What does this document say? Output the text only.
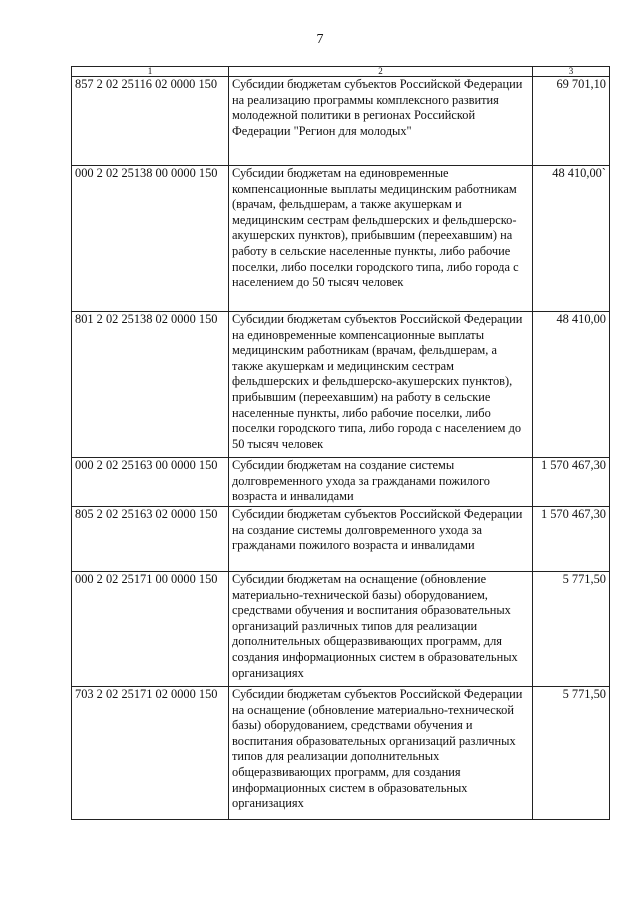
7
1	2	3
857 2 02 25116 02 0000 150	Субсидии бюджетам субъектов Российской Федерации на реализацию программы комплексного развития молодежной политики в регионах Российской Федерации "Регион для молодых"	69 701,10
000 2 02 25138 00 0000 150	Субсидии бюджетам на единовременные компенсационные выплаты медицинским работникам (врачам, фельдшерам, а также акушеркам и медицинским сестрам фельдшерских и фельдшерско-акушерских пунктов), прибывшим (переехавшим) на работу в сельские населенные пункты, либо рабочие поселки, либо поселки городского типа, либо города с населением до 50 тысяч человек	48 410,00`
801 2 02 25138 02 0000 150	Субсидии бюджетам субъектов Российской Федерации на единовременные компенсационные выплаты медицинским работникам (врачам, фельдшерам, а также акушеркам и медицинским сестрам фельдшерских и фельдшерско-акушерских пунктов), прибывшим (переехавшим) на работу в сельские населенные пункты, либо рабочие поселки, либо поселки городского типа, либо города с населением до 50 тысяч человек	48 410,00
000 2 02 25163 00 0000 150	Субсидии бюджетам на создание системы долговременного ухода за гражданами пожилого возраста и инвалидами	1 570 467,30
805 2 02 25163 02 0000 150	Субсидии бюджетам субъектов Российской Федерации на создание системы долговременного ухода за гражданами пожилого возраста и инвалидами	1 570 467,30
000 2 02 25171 00 0000 150	Субсидии бюджетам на оснащение (обновление материально-технической базы) оборудованием, средствами обучения и воспитания образовательных организаций различных типов для реализации дополнительных общеразвивающих программ, для создания информационных систем в образовательных организациях	5 771,50
703 2 02 25171 02 0000 150	Субсидии бюджетам субъектов Российской Федерации на оснащение (обновление материально-технической базы) оборудованием, средствами обучения и воспитания образовательных организаций различных типов для реализации дополнительных общеразвивающих программ, для создания информационных систем в образовательных организациях	5 771,50
